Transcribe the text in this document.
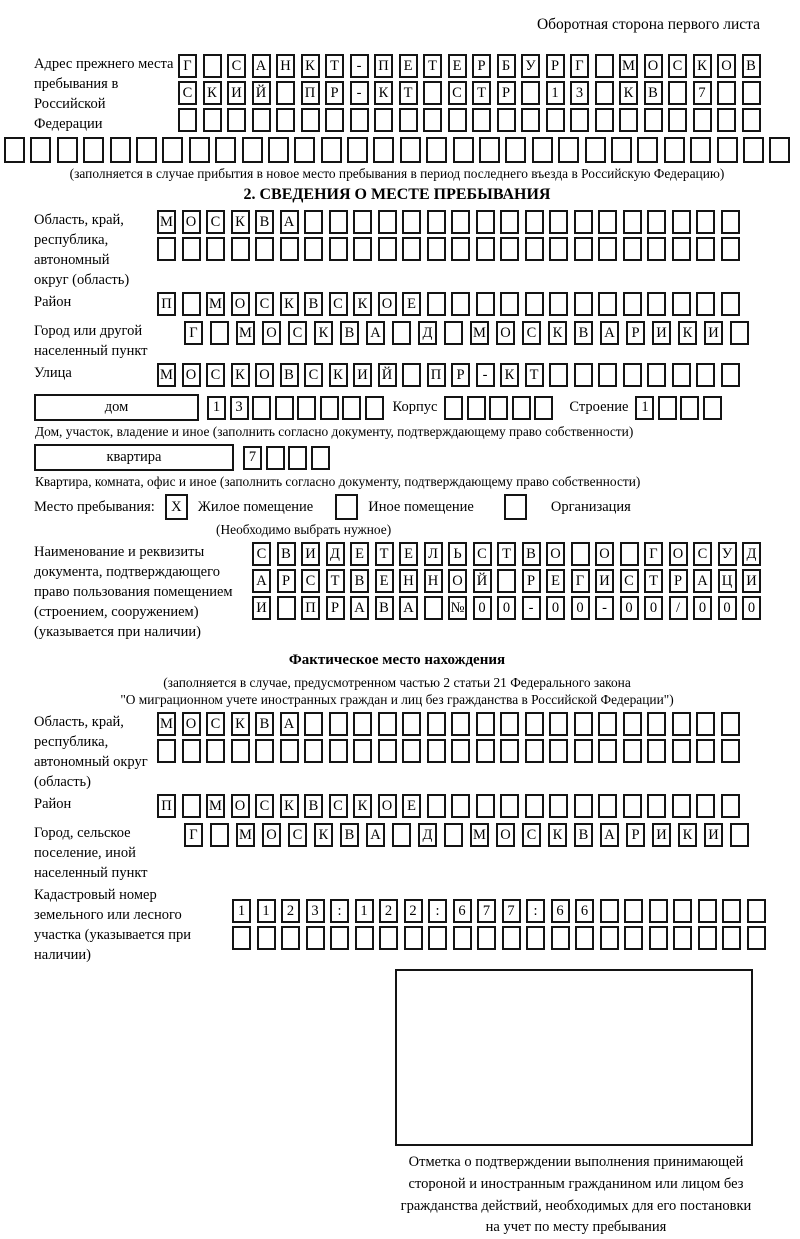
Оборотная сторона первого листа
Адрес прежнего места пребывания в Российской Федерации
Г	С А Н К	Т	-	П	Е	Т	Е	Р	Б	У	Р	Г	М О С	К О В
С	К И Й	П	Р	-	К	Т	С	Т	Р	1	3	К	В	7
(заполняется в случае прибытия в новое место пребывания в период последнего въезда в Российскую Федерацию)
2. СВЕДЕНИЯ О МЕСТЕ ПРЕБЫВАНИЯ
Область, край, республика, автономный округ (область)
М О С	К	В А
Район	П	М О С	К	В	С	К О	Е
Город или другой населенный пункт
Г	М О	С	К	В	А	Д	М О	С	К	В	А	Р	И	К	И
Улица	М О С	К О В	С	К И Й	П	Р	-	К	Т
дом	1	3	Корпус	Строение 1
Дом, участок, владение и иное (заполнить согласно документу, подтверждающему право собственности)
квартира	7
Квартира, комната, офис и иное (заполнить согласно документу, подтверждающему право собственности)
Место пребывания:	X	Жилое помещение	Иное помещение	Организация
(Необходимо выбрать нужное)
Наименование и реквизиты документа, подтверждающего право пользования помещением (строением, сооружением) (указывается при наличии)
С	В И Д	Е	Т	Е	Л	Ь	С	Т	В О	О	Г	О С	У Д
А	Р	С	Т	В	Е	Н Н О Й	Р	Е	Г	И С	Т	Р	А Ц И
И	П	Р	А В А	№ 0	0	-	0	0	-	0	0	/	0	0	0
Фактическое место нахождения
(заполняется в случае, предусмотренном частью 2 статьи 21 Федерального закона
"О миграционном учете иностранных граждан и лиц без гражданства в Российской Федерации")
Область, край, республика, автономный округ (область)
М О С	К	В А
Район	П	М О С	К	В	С	К О	Е
Город, сельское поселение, иной населенный пункт
Г	М О	С	К	В	А	Д	М О	С	К	В	А	Р	И	К	И
Кадастровый номер земельного или лесного участка (указывается при наличии)
1	1	2	3	:	1	2	2	:	6	7	7	:	6	6
Отметка о подтверждении выполнения принимающей
стороной и иностранным гражданином или лицом без
гражданства действий, необходимых для его постановки
на учет по месту пребывания
